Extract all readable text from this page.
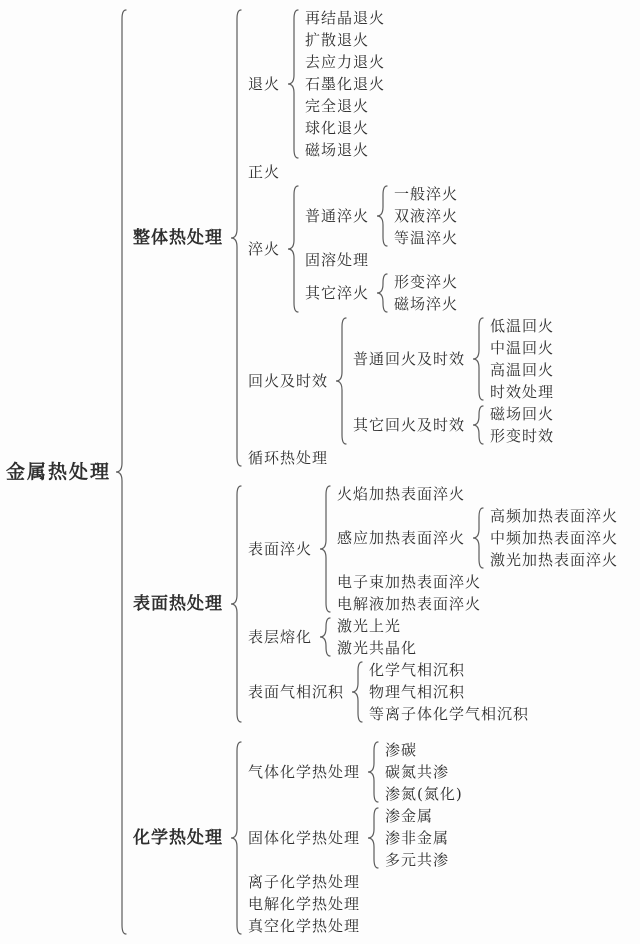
金属热处理
整体热处理
退火
再结晶退火
扩散退火
去应力退火
石墨化退火
完全退火
球化退火
磁场退火
正火
淬火
普通淬火
一般淬火
双液淬火
等温淬火
固溶处理
其它淬火
形变淬火
磁场淬火
回火及时效
普通回火及时效
低温回火
中温回火
高温回火
时效处理
其它回火及时效
磁场回火
形变时效
循环热处理
表面热处理
表面淬火
火焰加热表面淬火
感应加热表面淬火
高频加热表面淬火
中频加热表面淬火
激光加热表面淬火
电子束加热表面淬火
电解液加热表面淬火
表层熔化
激光上光
激光共晶化
表面气相沉积
化学气相沉积
物理气相沉积
等离子体化学气相沉积
化学热处理
气体化学热处理
渗碳
碳氮共渗
渗氮(氮化)
固体化学热处理
渗金属
渗非金属
多元共渗
离子化学热处理
电解化学热处理
真空化学热处理
